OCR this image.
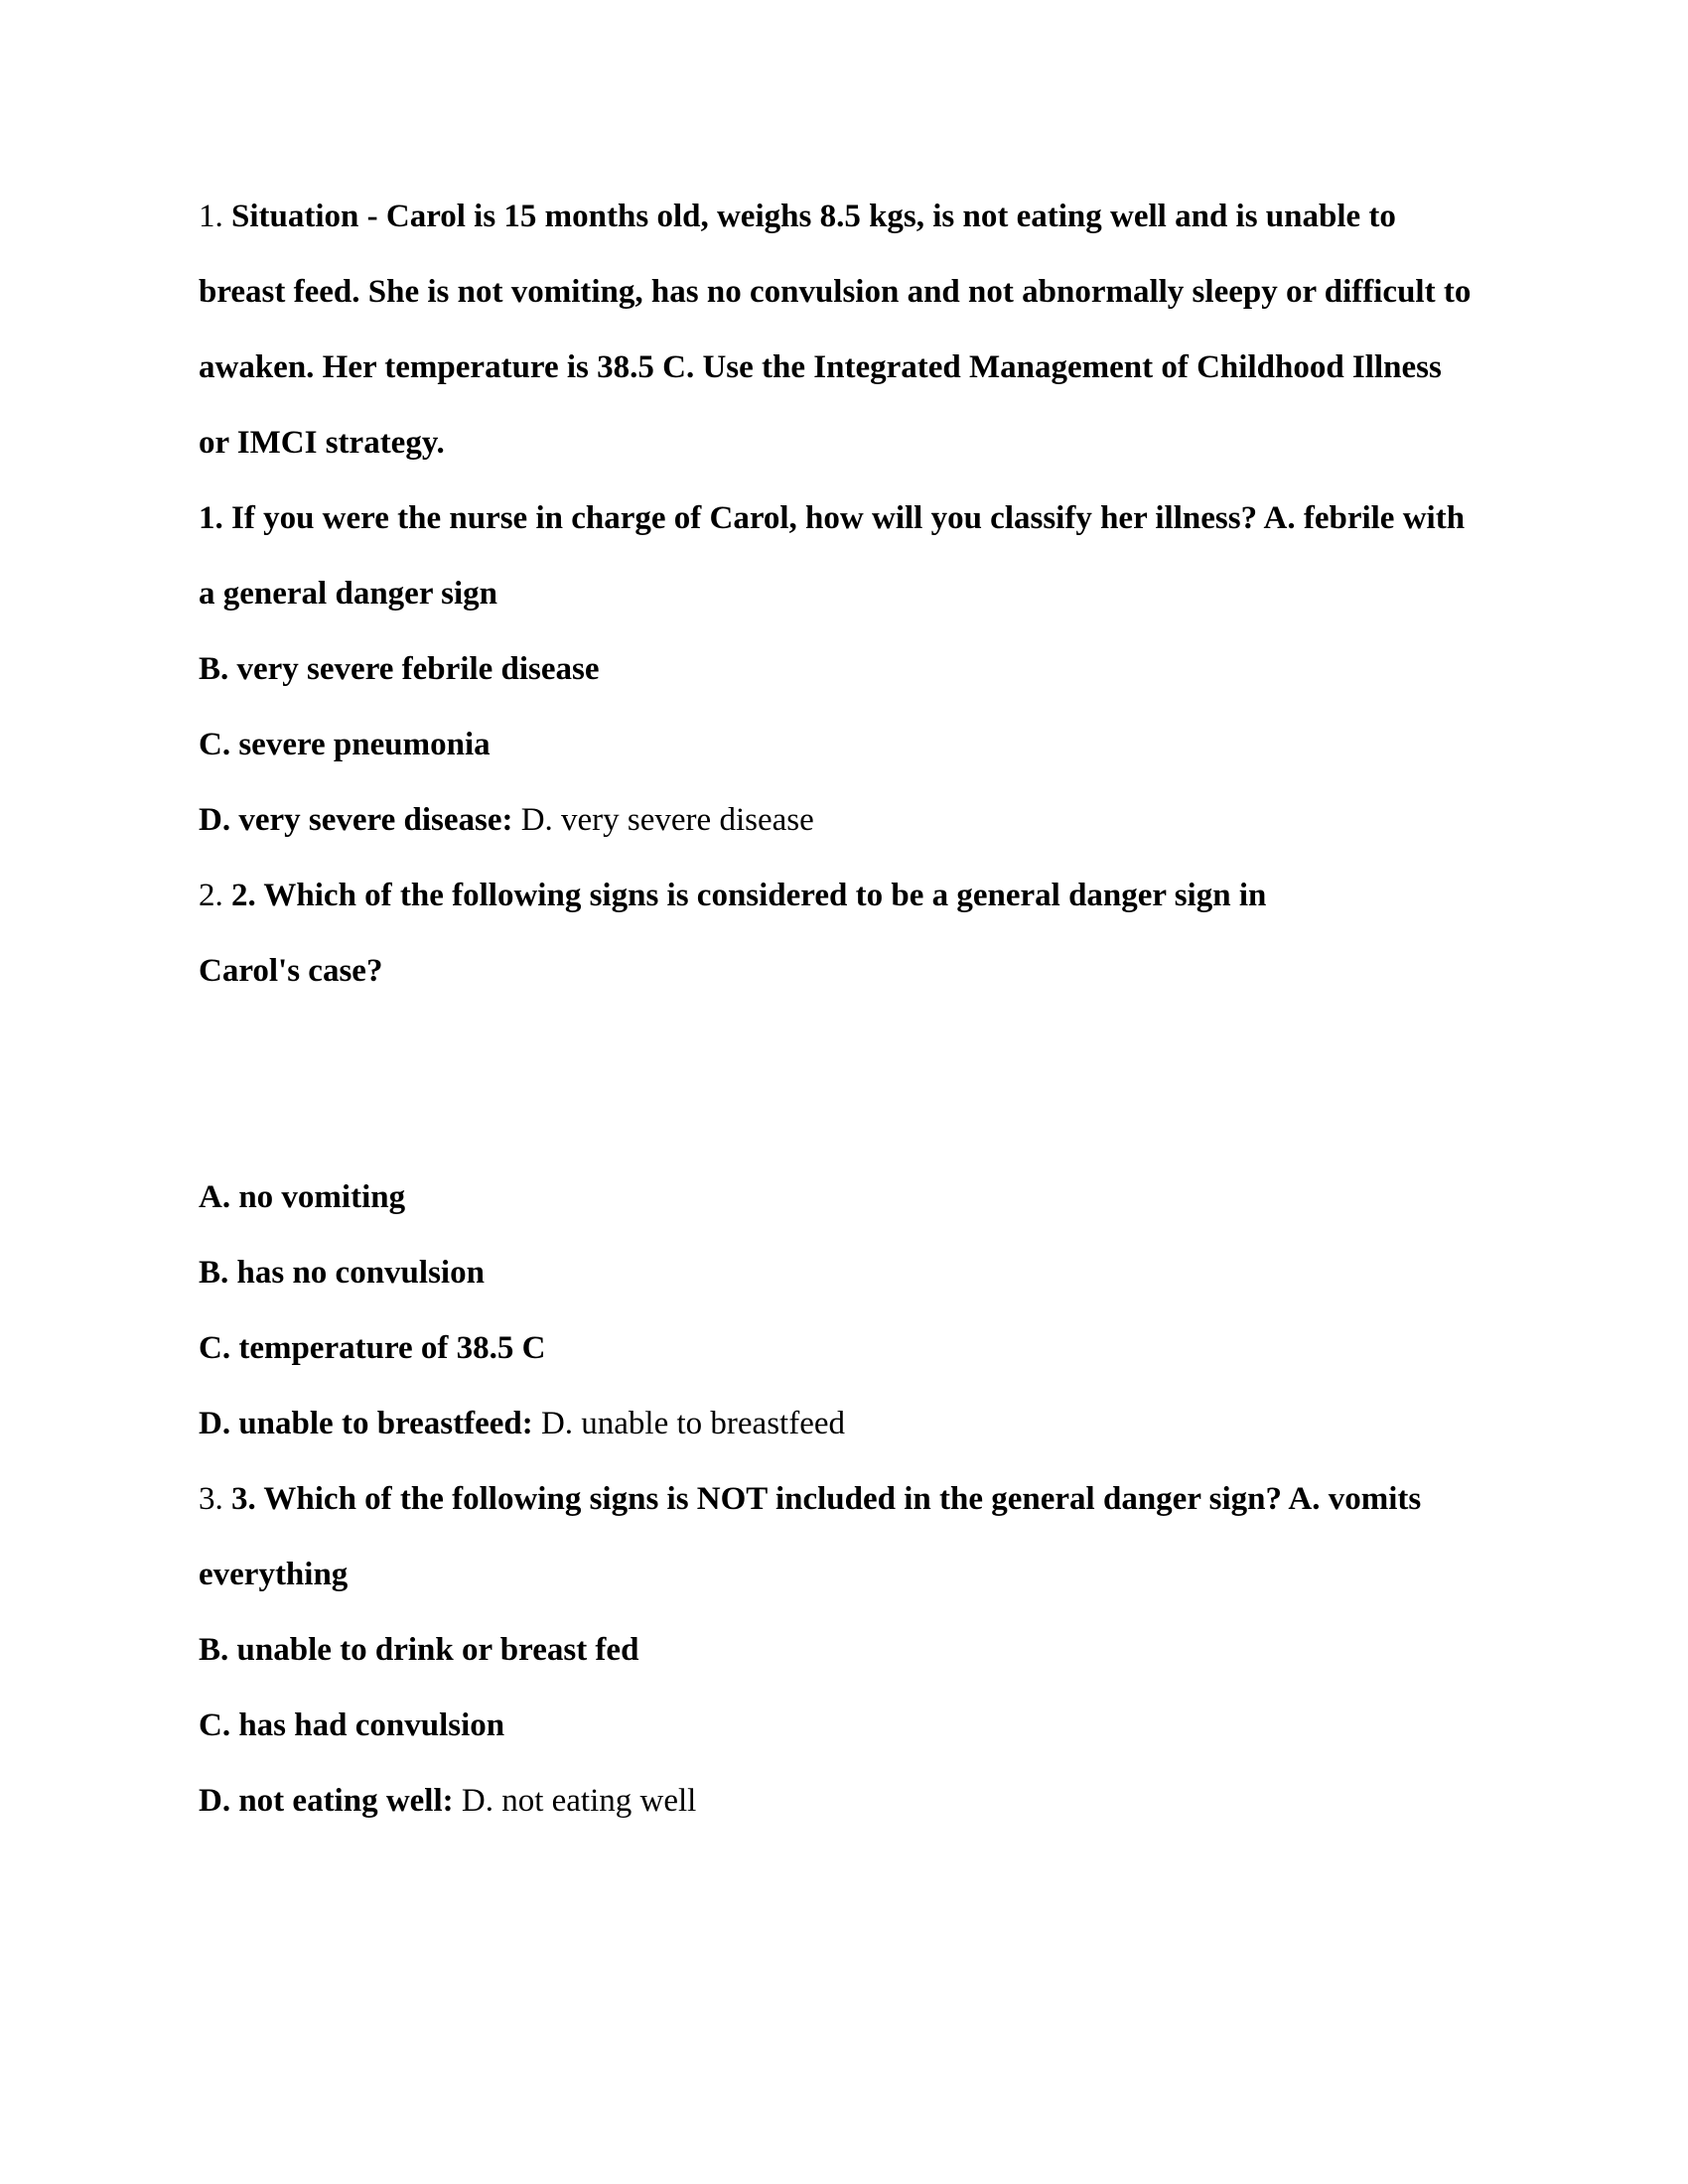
1. Situation - Carol is 15 months old, weighs 8.5 kgs, is not eating well and is unable to
breast feed. She is not vomiting, has no convulsion and not abnormally sleepy or difficult to
awaken. Her temperature is 38.5 C. Use the Integrated Management of Childhood Illness
or IMCI strategy.
1. If you were the nurse in charge of Carol, how will you classify her illness? A. febrile with
a general danger sign
B. very severe febrile disease
C. severe pneumonia
D. very severe disease: D. very severe disease
2. 2. Which of the following signs is considered to be a general danger sign in
Carol's case?
A. no vomiting
B. has no convulsion
C. temperature of 38.5 C
D. unable to breastfeed: D. unable to breastfeed
3. 3. Which of the following signs is NOT included in the general danger sign? A. vomits
everything
B. unable to drink or breast fed
C. has had convulsion
D. not eating well: D. not eating well
